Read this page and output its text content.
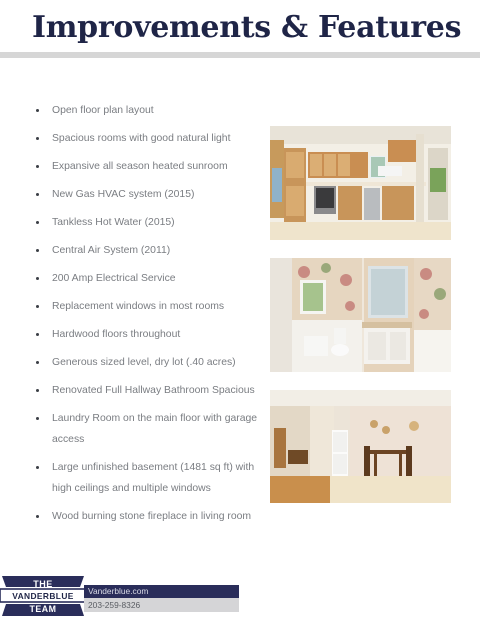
Improvements & Features
Open floor plan layout
Spacious rooms with good natural light
Expansive all season heated sunroom
New Gas HVAC system (2015)
Tankless Hot Water (2015)
Central Air System (2011)
200 Amp Electrical Service
Replacement windows in most rooms
Hardwood floors throughout
Generous sized level, dry lot (.40 acres)
Renovated Full Hallway Bathroom Spacious
Laundry Room on the main floor with garage access
Large unfinished basement (1481 sq ft) with high ceilings and multiple windows
Wood burning stone fireplace in living room
THE
VANDERBLUE
TEAM
Vanderblue.com
203-259-8326
